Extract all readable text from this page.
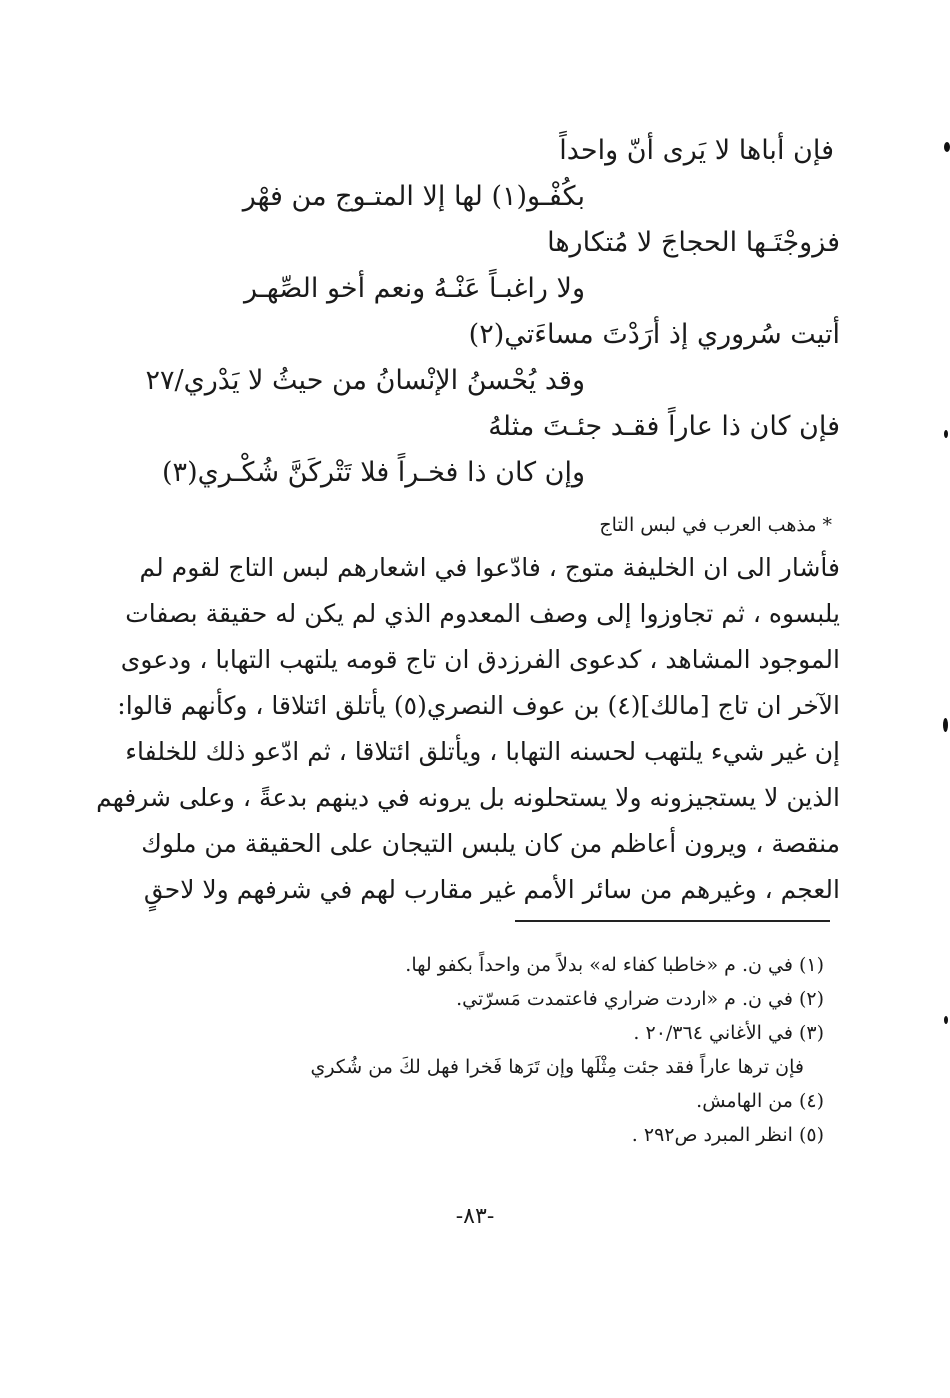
فإن أباها لا يَرى أنّ واحداً
بكُفْـو(١) لها إلا المتـوج من فهْر
فزوجْتَـها الحجاجَ لا مُتكارها
ولا راغبـاً عَنْـهُ ونعم أخو الصِّهـر
أتيت سُروري إذ أرَدْتَ مساءَتي(٢)
وقد يُحْسنُ الإنْسانُ من حيثُ لا يَدْري/٢٧
فإن كان ذا عاراً فقـد جئـتَ مثلهُ
وإن كان ذا فخـراً فلا تَتْركَنَّ شُكْـري(٣)
*مذهب العرب في لبس التاج
فأشار الى ان الخليفة متوج ، فادّعوا في اشعارهم لبس التاج لقوم لم
يلبسوه ، ثم تجاوزوا إلى وصف المعدوم الذي لم يكن له حقيقة بصفات
الموجود المشاهد ، كدعوى الفرزدق ان تاج قومه يلتهب التهابا ، ودعوى
الآخر ان تاج [مالك](٤) بن عوف النصري(٥) يأتلق ائتلاقا ، وكأنهم قالوا:
إن غير شيء يلتهب لحسنه التهابا ، ويأتلق ائتلاقا ، ثم ادّعو ذلك للخلفاء
الذين لا يستجيزونه ولا يستحلونه بل يرونه في دينهم بدعةً ، وعلى شرفهم
منقصة ، ويرون أعاظم من كان يلبس التيجان على الحقيقة من ملوك
العجم ، وغيرهم من سائر الأمم غير مقارب لهم في شرفهم ولا لاحقٍ
(١) في ن. م «خاطبا كفاء له» بدلاً من واحداً بكفو لها.
(٢) في ن. م «اردت ضراري فاعتمدت مَسرّتي.
(٣) في الأغاني ٢٠/٣٦٤ .
فإن ترها عاراً فقد جئت مِثْلَها وإن تَرَها فَخرا فهل لكَ من شُكري
(٤) من الهامش.
(٥) انظر المبرد ص٢٩٢ .
-٨٣-
